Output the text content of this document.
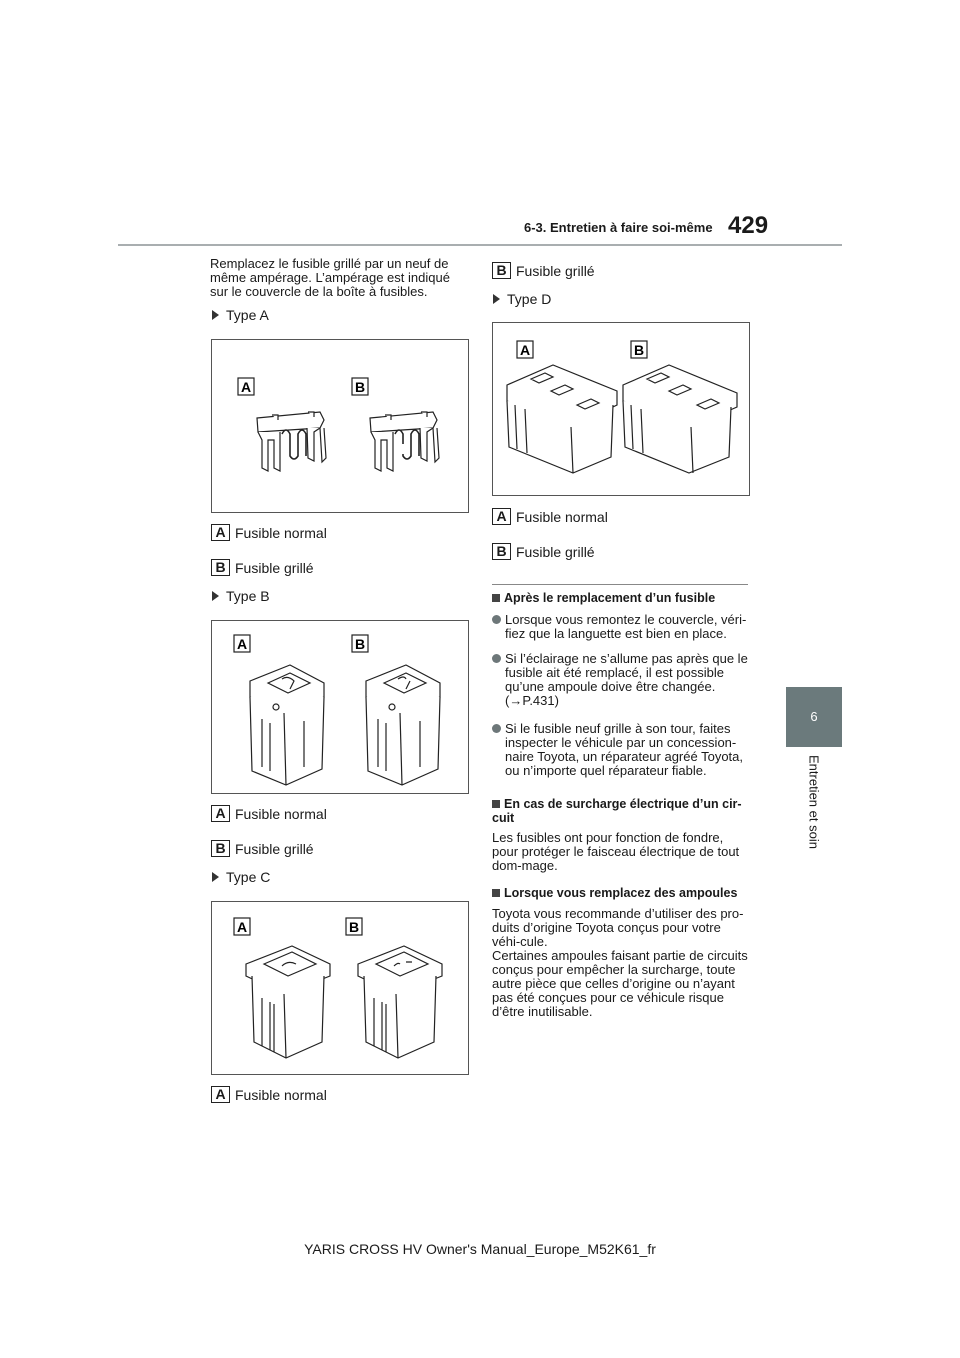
6-3. Entretien à faire soi-même 429
6
Entretien et soin
Remplacez le fusible grillé par un neuf de même ampérage. L’ampérage est indiqué sur le couvercle de la boîte à fusibles.
Type A
A	B
A Fusible normal
B Fusible grillé
Type B
A	B
A Fusible normal
B Fusible grillé
Type C
A	B
A Fusible normal
B Fusible grillé
Type D
A	B
A Fusible normal
B Fusible grillé
Après le remplacement d’un fusible
Lorsque vous remontez le couvercle, véri-fiez que la languette est bien en place.
Si l’éclairage ne s’allume pas après que le fusible ait été remplacé, il est possible qu’une ampoule doive être changée.
(→P.431)
Si le fusible neuf grille à son tour, faites inspecter le véhicule par un concession-naire Toyota, un réparateur agréé Toyota, ou n’importe quel réparateur fiable.
En cas de surcharge électrique d’un cir-cuit
Les fusibles ont pour fonction de fondre, pour protéger le faisceau électrique de tout dom-mage.
Lorsque vous remplacez des ampoules
Toyota vous recommande d’utiliser des pro-duits d’origine Toyota conçus pour votre véhi-cule.
Certaines ampoules faisant partie de circuits conçus pour empêcher la surcharge, toute autre pièce que celles d’origine ou n’ayant pas été conçues pour ce véhicule risque d’être inutilisable.
YARIS CROSS HV Owner's Manual_Europe_M52K61_fr
